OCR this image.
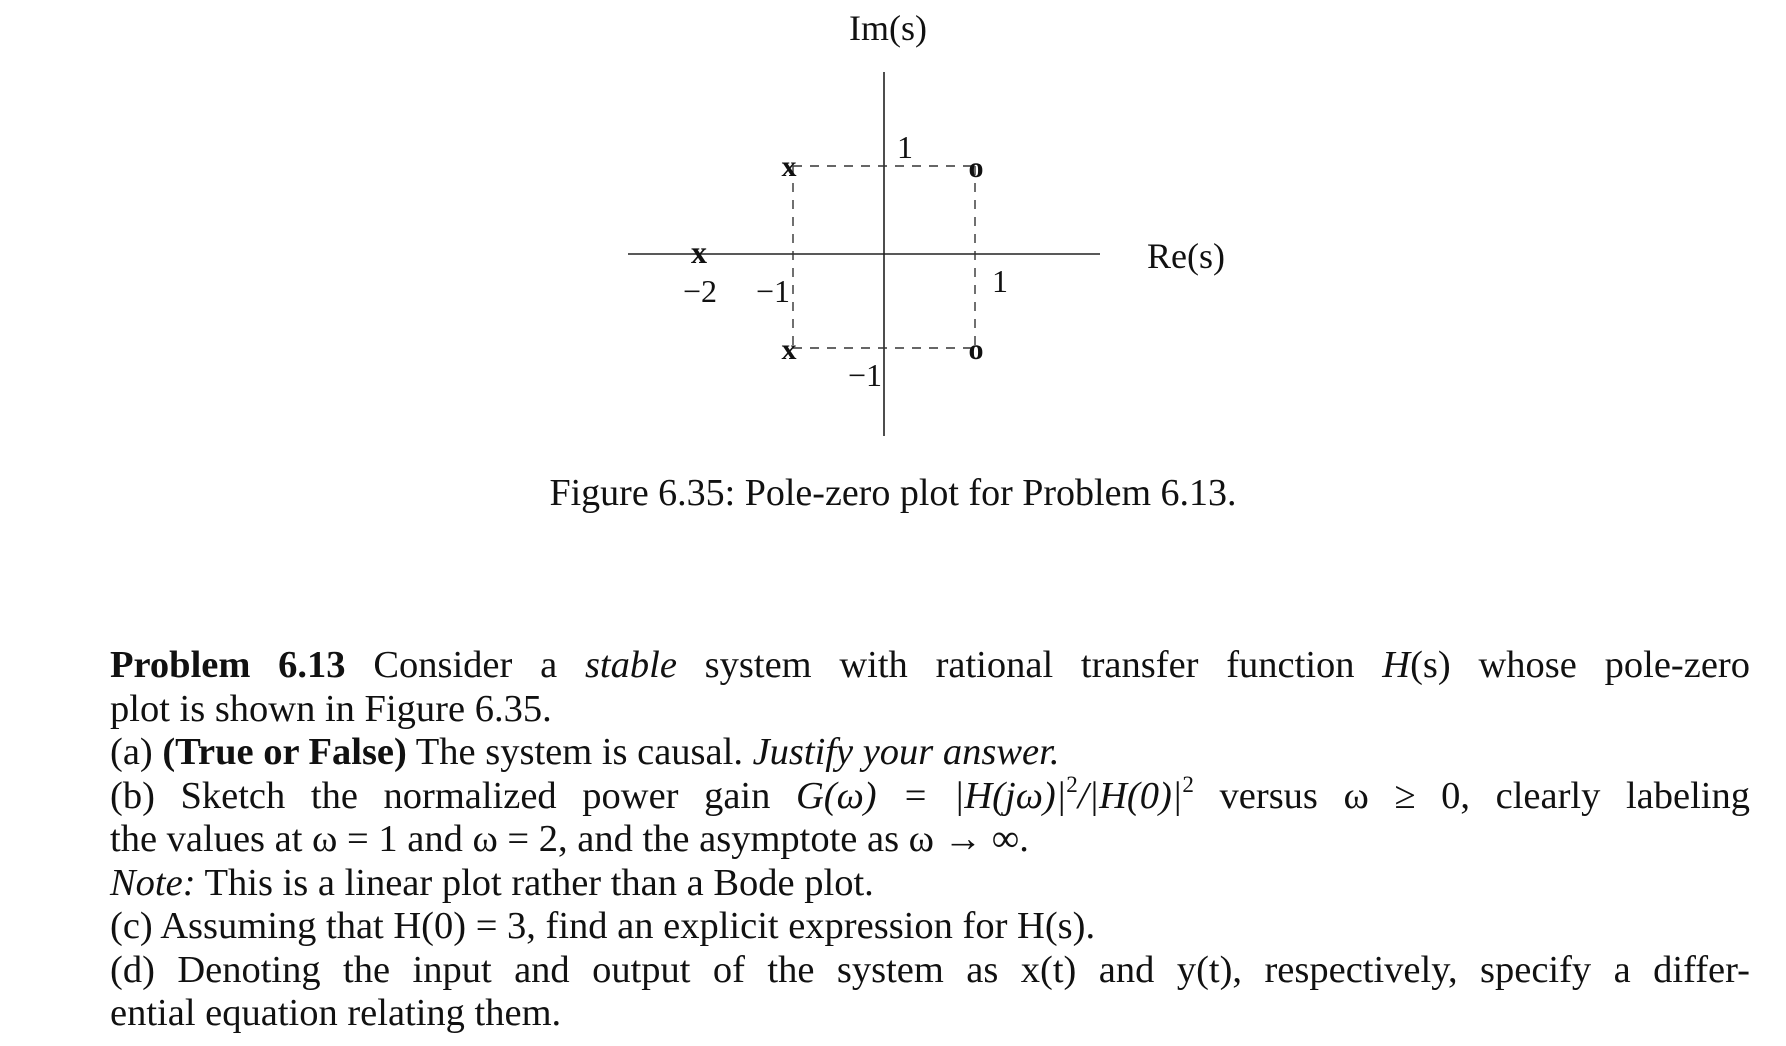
x
x
x
o
o
Im(s)
Re(s)
−2 −1	1
1
−1
Figure 6.35: Pole-zero plot for Problem 6.13.
Problem 6.13 Consider a stable system with rational transfer function H(s) whose pole-zero
plot is shown in Figure 6.35.
(a) (True or False) The system is causal. Justify your answer.
(b) Sketch the normalized power gain $G(\omega) = |H(j\omega)|^2/|H(0)|^2$ versus ω ≥ 0, clearly labeling
the values at ω = 1 and ω = 2, and the asymptote as ω → ∞.
Note: This is a linear plot rather than a Bode plot.
(c) Assuming that H(0) = 3, find an explicit expression for H(s).
(d) Denoting the input and output of the system as x(t) and y(t), respectively, specify a differ-
ential equation relating them.
